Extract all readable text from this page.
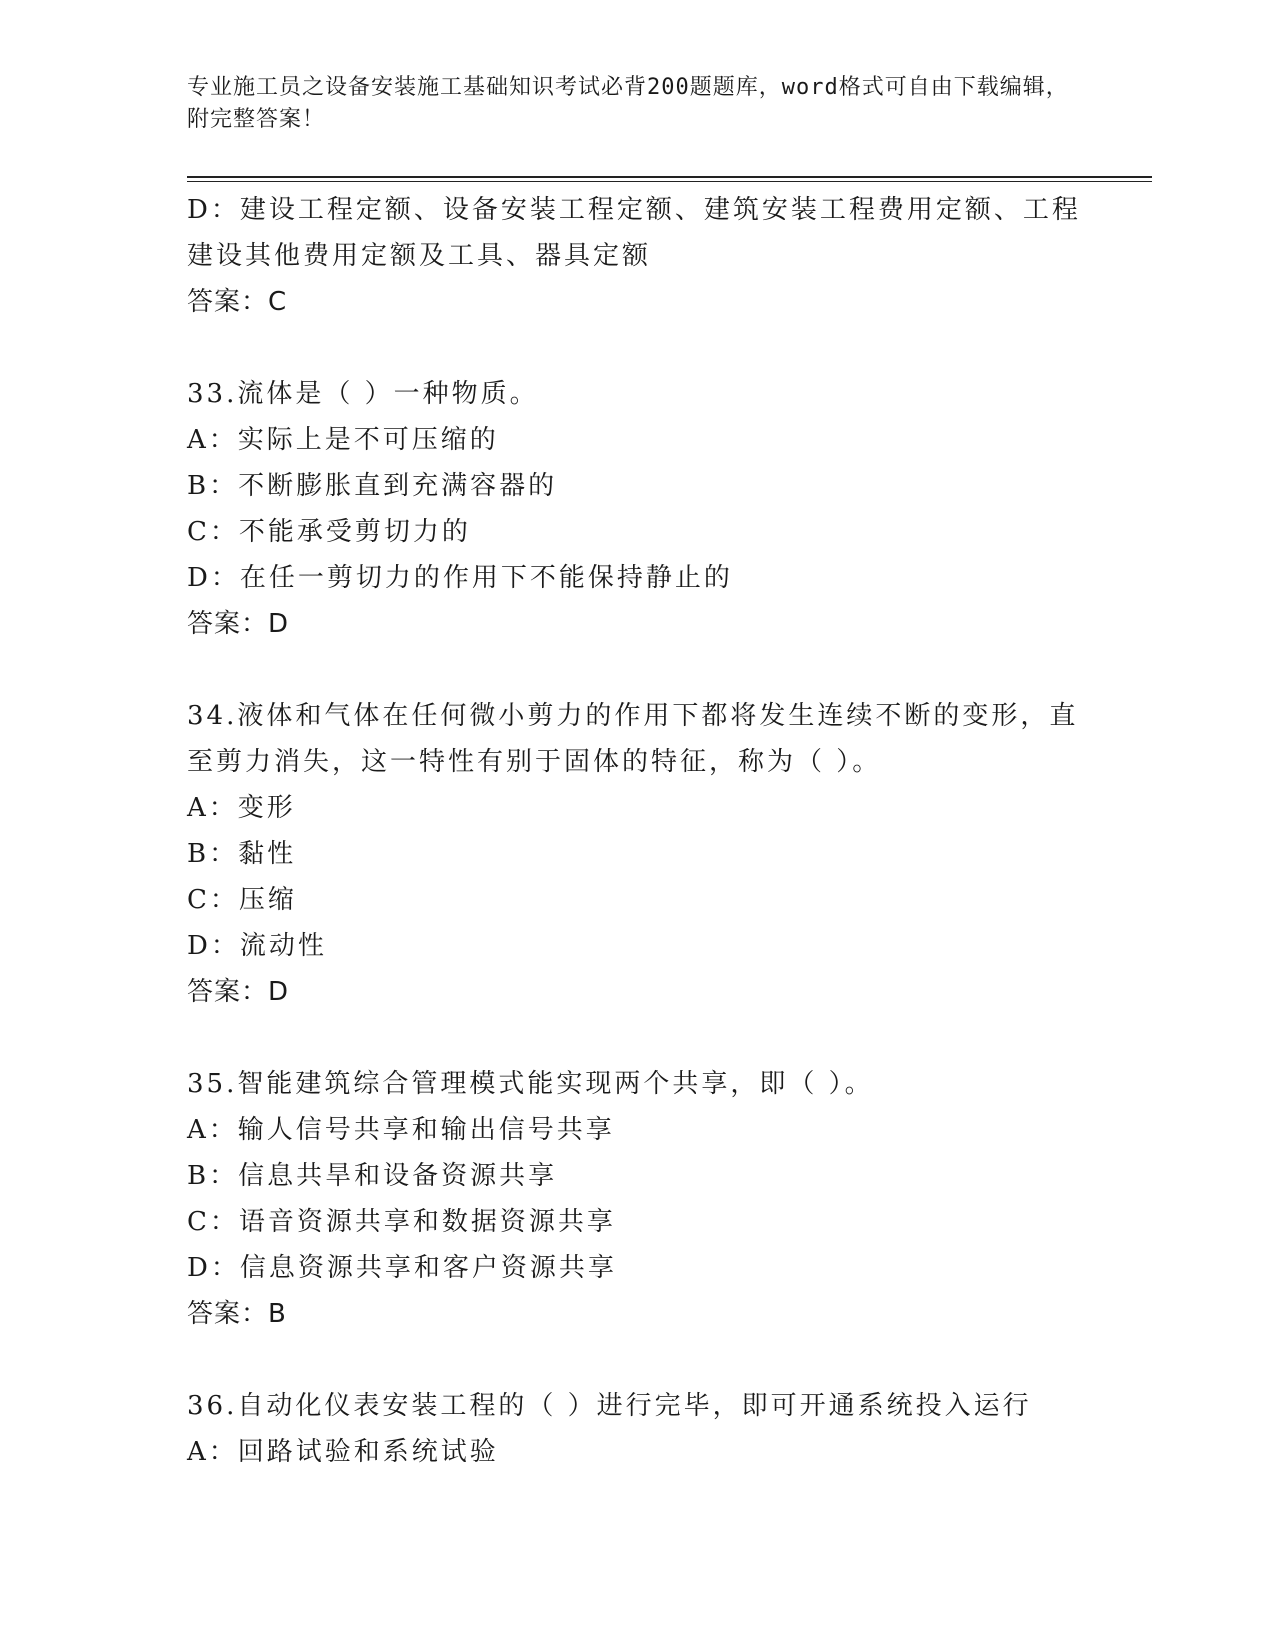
专业施工员之设备安装施工基础知识考试必背200题题库，word格式可自由下载编辑，附完整答案！
D：建设工程定额、设备安装工程定额、建筑安装工程费用定额、工程建设其他费用定额及工具、器具定额
答案：C
33.流体是（ ）一种物质。
A：实际上是不可压缩的
B：不断膨胀直到充满容器的
C：不能承受剪切力的
D：在任一剪切力的作用下不能保持静止的
答案：D
34.液体和气体在任何微小剪力的作用下都将发生连续不断的变形，直至剪力消失，这一特性有别于固体的特征，称为（ ）。
A：变形
B：黏性
C：压缩
D：流动性
答案：D
35.智能建筑综合管理模式能实现两个共享，即（ ）。
A：输人信号共享和输出信号共享
B：信息共旱和设备资源共享
C：语音资源共享和数据资源共享
D：信息资源共享和客户资源共享
答案：B
36.自动化仪表安装工程的（ ）进行完毕，即可开通系统投入运行
A：回路试验和系统试验
